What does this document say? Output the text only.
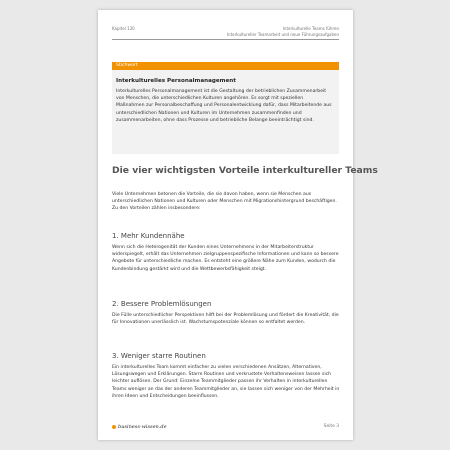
Kapitel 130	Interkulturelle Teams führen
Interkultureller Teamarbeit und neue Führungsaufgaben
Stichwort
Interkulturelles Personalmanagement
Interkulturelles Personalmanagement ist die Gestaltung der betrieblichen Zusammenarbeit von Menschen, die unterschiedlichen Kulturen angehören. Es sorgt mit speziellen Maßnahmen zur Personalbeschaffung und Personalentwicklung dafür, dass Mitarbeitende aus unterschiedlichen Nationen und Kulturen im Unternehmen zusammenfinden und zusammenarbeiten, ohne dass Prozesse und betriebliche Belange beeinträchtigt sind.
Die vier wichtigsten Vorteile interkultureller Teams
Viele Unternehmen betonen die Vorteile, die sie davon haben, wenn sie Menschen aus unterschiedlichen Nationen und Kulturen oder Menschen mit Migrationshintergrund beschäftigen. Zu den Vorteilen zählen insbesondere:
1. Mehr Kundennähe
Wenn sich die Heterogenität der Kunden eines Unternehmens in der Mitarbeiterstruktur widerspiegelt, erhält das Unternehmen zielgruppenspezifische Informationen und kann so bessere Angebote für unterschiedliche machen. Es entsteht eine größere Nähe zum Kunden, wodurch die Kundenbindung gestärkt wird und die Wettbewerbsfähigkeit steigt.
2. Bessere Problemlösungen
Die Fülle unterschiedlicher Perspektiven hilft bei der Problemlösung und fördert die Kreativität, die für Innovationen unerlässlich ist. Wachstumspotenziale können so entfaltet werden.
3. Weniger starre Routinen
Ein interkulturelles Team kommt einfacher zu vielen verschiedenen Ansätzen, Alternativen, Lösungswegen und Erklärungen. Starre Routinen und verkrustete Verhaltensweisen lassen sich leichter auflösen. Der Grund: Einzelne Teammitglieder passen ihr Verhalten in interkulturellen Teams weniger an das der anderen Teammitglieder an, sie lassen sich weniger von der Mehrheit in ihren Ideen und Entscheidungen beeinflussen.
business-wissen.de	Seite 3
